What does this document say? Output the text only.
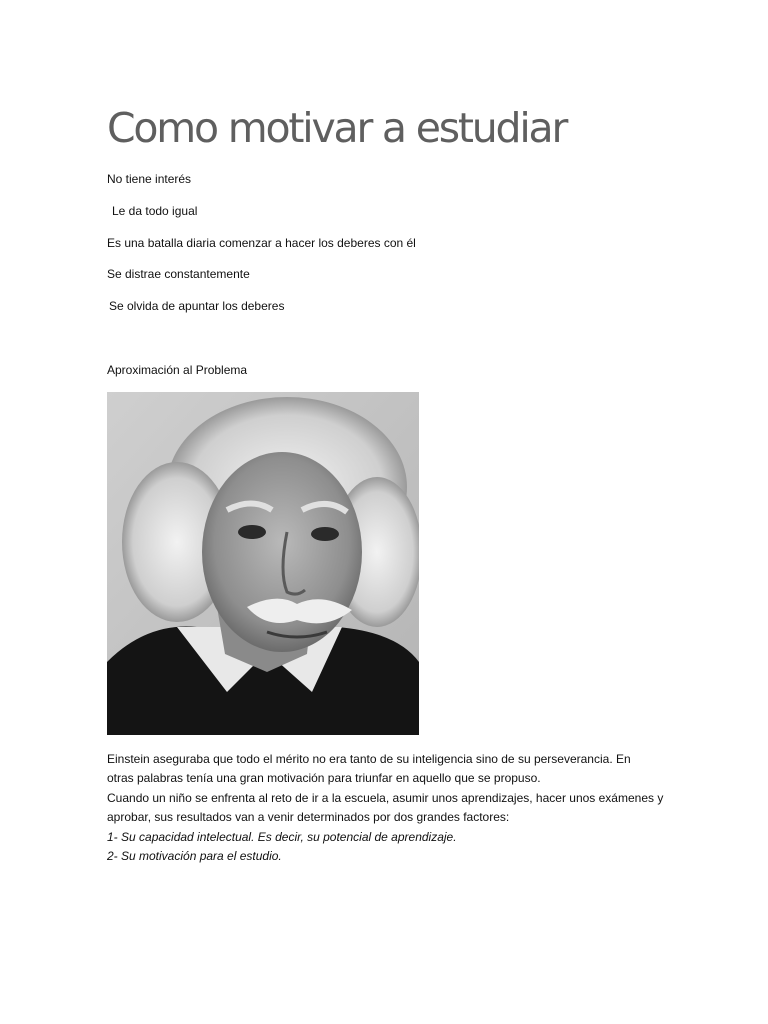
Como motivar a estudiar

No tiene interés

Le da todo igual

Es una batalla diaria comenzar a hacer los deberes con él

Se distrae constantemente

Se olvida de apuntar los deberes

Aproximación al Problema

Einstein aseguraba que todo el mérito no era tanto de su inteligencia sino de su perseverancia. En
otras palabras tenía una gran motivación para triunfar en aquello que se propuso.
Cuando un niño se enfrenta al reto de ir a la escuela, asumir unos aprendizajes, hacer unos exámenes y
aprobar, sus resultados van a venir determinados por dos grandes factores:
1- Su capacidad intelectual. Es decir, su potencial de aprendizaje.
2- Su motivación para el estudio.
